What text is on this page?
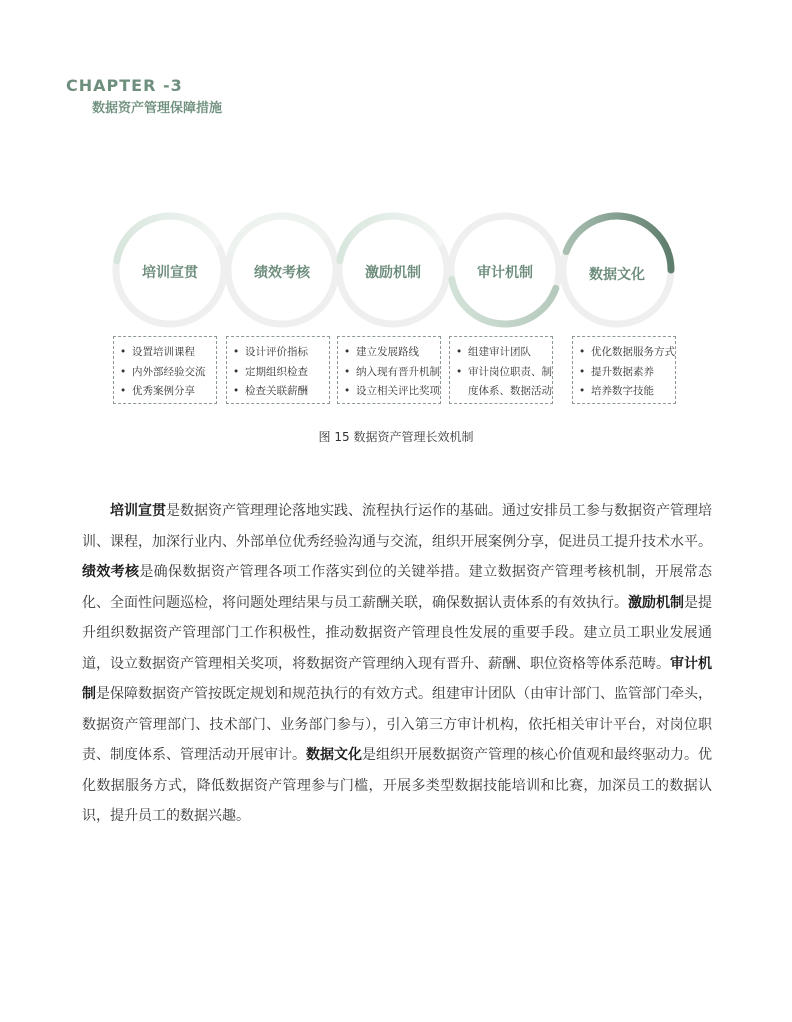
CHAPTER -3
数据资产管理保障措施
培训宣贯	绩效考核	激励机制	审计机制	数据文化
• 设置培训课程
• 内外部经验交流
• 优秀案例分享
• 设计评价指标
• 定期组织检查
• 检查关联薪酬
• 建立发展路线
• 纳入现有晋升机制
• 设立相关评比奖项
• 组建审计团队
• 审计岗位职责、制
度体系、数据活动
• 优化数据服务方式
• 提升数据素养
• 培养数字技能
图 15 数据资产管理长效机制

培训宣贯是数据资产管理理论落地实践、流程执行运作的基础。通过安排员工参与数据资产管理培训、课程，加深行业内、外部单位优秀经验沟通与交流，组织开展案例分享，促进员工提升技术水平。绩效考核是确保数据资产管理各项工作落实到位的关键举措。建立数据资产管理考核机制，开展常态化、全面性问题巡检，将问题处理结果与员工薪酬关联，确保数据认责体系的有效执行。激励机制是提升组织数据资产管理部门工作积极性，推动数据资产管理良性发展的重要手段。建立员工职业发展通道，设立数据资产管理相关奖项，将数据资产管理纳入现有晋升、薪酬、职位资格等体系范畴。审计机制是保障数据资产管按既定规划和规范执行的有效方式。组建审计团队（由审计部门、监管部门牵头，数据资产管理部门、技术部门、业务部门参与），引入第三方审计机构，依托相关审计平台，对岗位职责、制度体系、管理活动开展审计。数据文化是组织开展数据资产管理的核心价值观和最终驱动力。优化数据服务方式，降低数据资产管理参与门槛，开展多类型数据技能培训和比赛，加深员工的数据认识，提升员工的数据兴趣。
